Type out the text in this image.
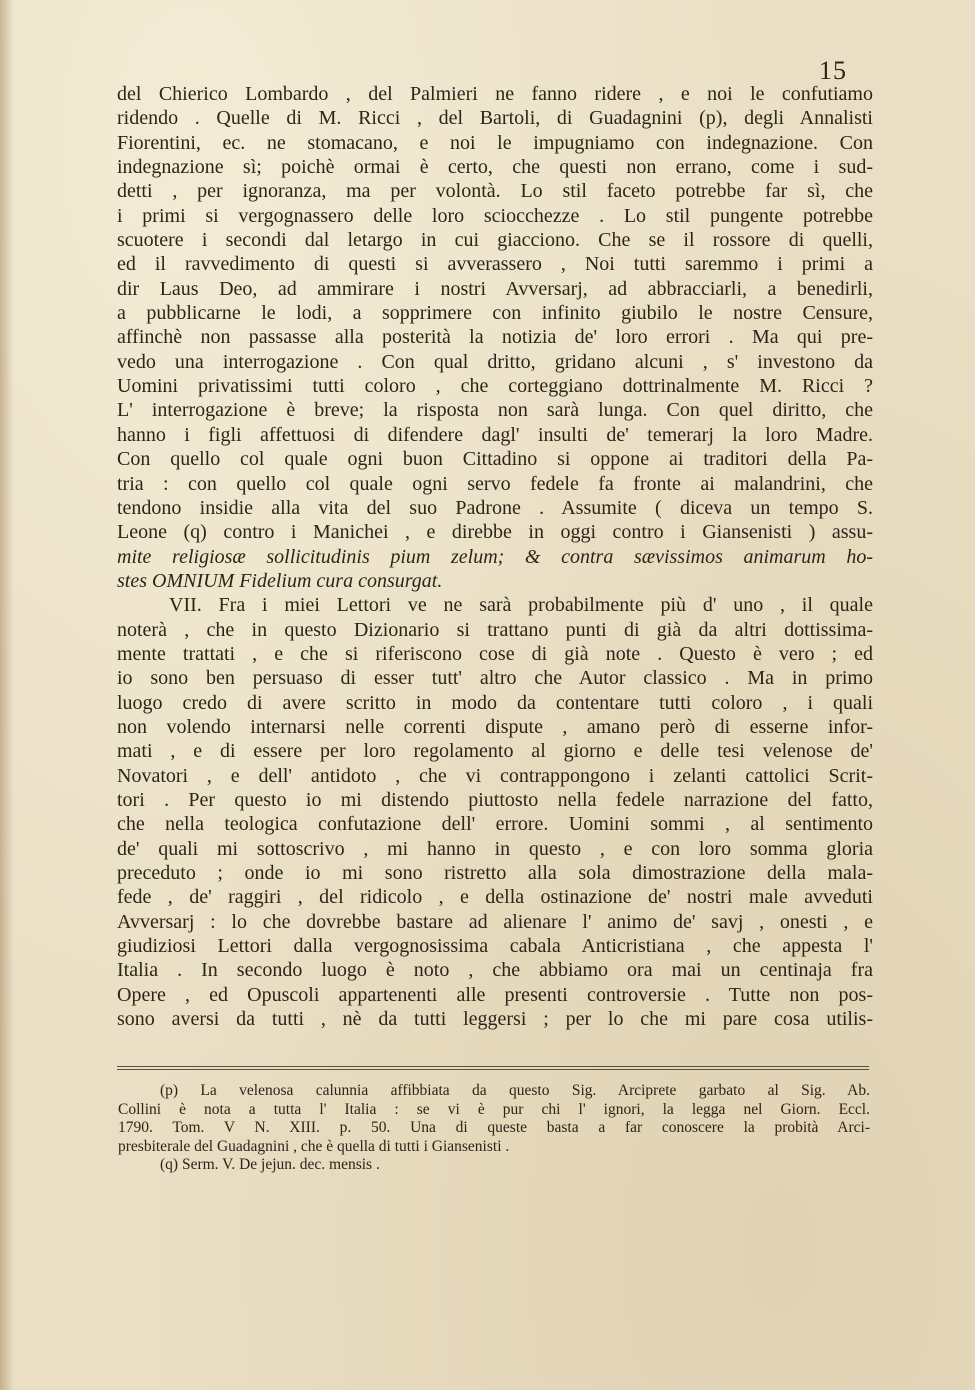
15
del Chierico Lombardo , del Palmieri ne fanno ridere , e noi le confutiamo
ridendo . Quelle di M. Ricci , del Bartoli, di Guadagnini (p), degli Annalisti
Fiorentini, ec. ne stomacano, e noi le impugniamo con indegnazione. Con
indegnazione sì; poichè ormai è certo, che questi non errano, come i sud-
detti , per ignoranza, ma per volontà. Lo stil faceto potrebbe far sì, che
i primi si vergognassero delle loro sciocchezze . Lo stil pungente potrebbe
scuotere i secondi dal letargo in cui giacciono. Che se il rossore di quelli,
ed il ravvedimento di questi si avverassero , Noi tutti saremmo i primi a
dir Laus Deo, ad ammirare i nostri Avversarj, ad abbracciarli, a benedirli,
a pubblicarne le lodi, a sopprimere con infinito giubilo le nostre Censure,
affinchè non passasse alla posterità la notizia de' loro errori . Ma qui pre-
vedo una interrogazione . Con qual dritto, gridano alcuni , s' investono da
Uomini privatissimi tutti coloro , che corteggiano dottrinalmente M. Ricci ?
L' interrogazione è breve; la risposta non sarà lunga. Con quel diritto, che
hanno i figli affettuosi di difendere dagl' insulti de' temerarj la loro Madre.
Con quello col quale ogni buon Cittadino si oppone ai traditori della Pa-
tria : con quello col quale ogni servo fedele fa fronte ai malandrini, che
tendono insidie alla vita del suo Padrone . Assumite ( diceva un tempo S.
Leone (q) contro i Manichei , e direbbe in oggi contro i Giansenisti ) assu-
mite religiosæ sollicitudinis pium zelum; & contra sævissimos animarum ho-
stes OMNIUM Fidelium cura consurgat.
VII. Fra i miei Lettori ve ne sarà probabilmente più d' uno , il quale
noterà , che in questo Dizionario si trattano punti di già da altri dottissima-
mente trattati , e che si riferiscono cose di già note . Questo è vero ; ed
io sono ben persuaso di esser tutt' altro che Autor classico . Ma in primo
luogo credo di avere scritto in modo da contentare tutti coloro , i quali
non volendo internarsi nelle correnti dispute , amano però di esserne infor-
mati , e di essere per loro regolamento al giorno e delle tesi velenose de'
Novatori , e dell' antidoto , che vi contrappongono i zelanti cattolici Scrit-
tori . Per questo io mi distendo piuttosto nella fedele narrazione del fatto,
che nella teologica confutazione dell' errore. Uomini sommi , al sentimento
de' quali mi sottoscrivo , mi hanno in questo , e con loro somma gloria
preceduto ; onde io mi sono ristretto alla sola dimostrazione della mala-
fede , de' raggiri , del ridicolo , e della ostinazione de' nostri male avveduti
Avversarj : lo che dovrebbe bastare ad alienare l' animo de' savj , onesti , e
giudiziosi Lettori dalla vergognosissima cabala Anticristiana , che appesta l'
Italia . In secondo luogo è noto , che abbiamo ora mai un centinaja fra
Opere , ed Opuscoli appartenenti alle presenti controversie . Tutte non pos-
sono aversi da tutti , nè da tutti leggersi ; per lo che mi pare cosa utilis-
(p) La velenosa calunnia affibbiata da questo Sig. Arciprete garbato al Sig. Ab.
Collini è nota a tutta l' Italia : se vi è pur chi l' ignori, la legga nel Giorn. Eccl.
1790. Tom. V N. XIII. p. 50. Una di queste basta a far conoscere la probità Arci-
presbiterale del Guadagnini , che è quella di tutti i Giansenisti .
(q) Serm. V. De jejun. dec. mensis .
